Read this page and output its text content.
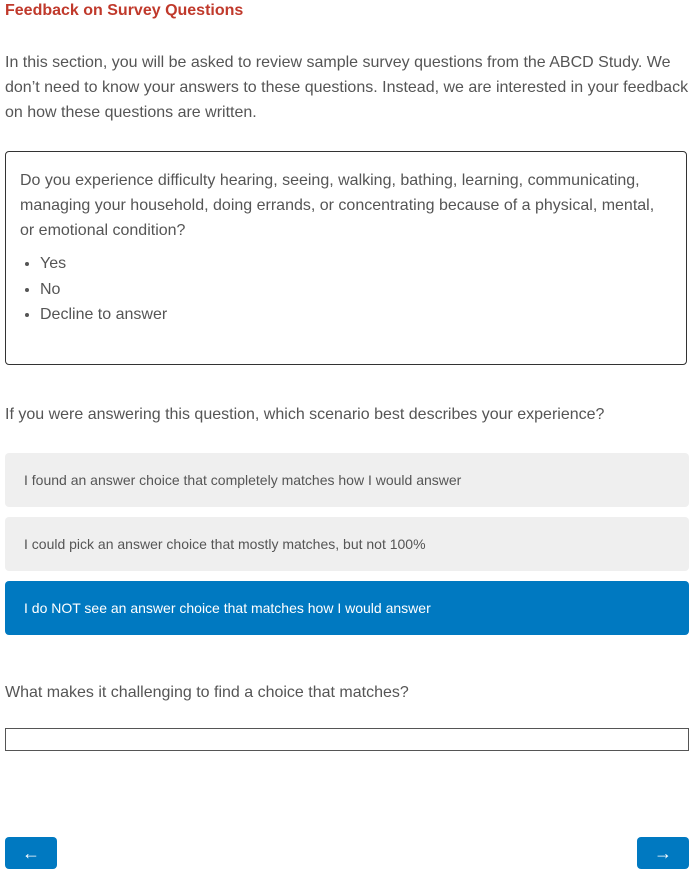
Feedback on Survey Questions

In this section, you will be asked to review sample survey questions from the ABCD Study. We don’t need to know your answers to these questions. Instead, we are interested in your feedback on how these questions are written.

Do you experience difficulty hearing, seeing, walking, bathing, learning, communicating, managing your household, doing errands, or concentrating because of a physical, mental, or emotional condition?

• Yes
• No
• Decline to answer
If you were answering this question, which scenario best describes your experience?
I found an answer choice that completely matches how I would answer
I could pick an answer choice that mostly matches, but not 100%
I do NOT see an answer choice that matches how I would answer
What makes it challenging to find a choice that matches?
←	→
